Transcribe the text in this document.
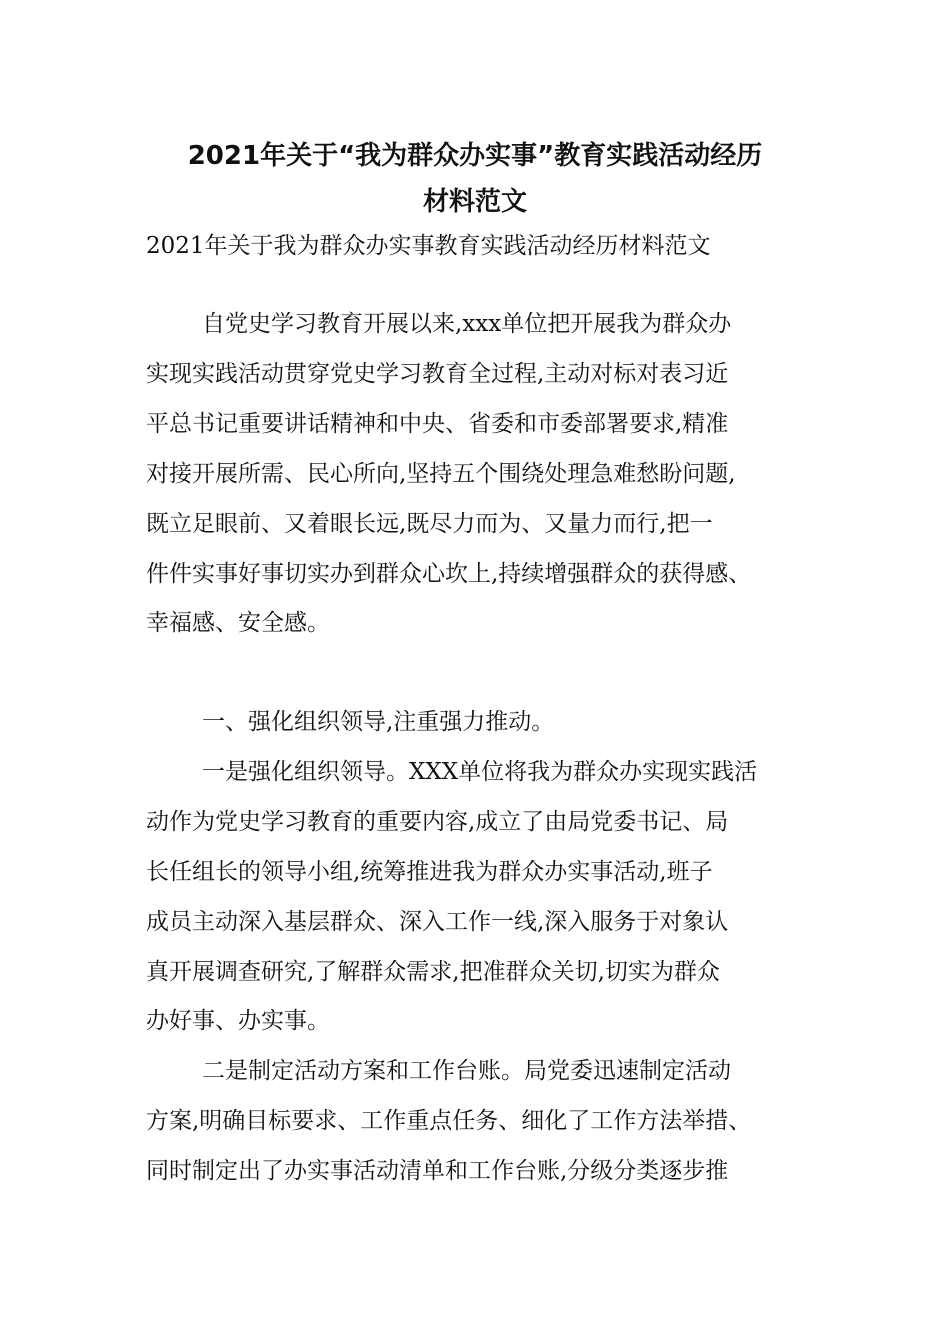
2021年关于“我为群众办实事”教育实践活动经历
材料范文

2021年关于我为群众办实事教育实践活动经历材料范文

自党史学习教育开展以来,xxx单位把开展我为群众办

实现实践活动贯穿党史学习教育全过程,主动对标对表习近

平总书记重要讲话精神和中央、省委和市委部署要求,精准

对接开展所需、民心所向,坚持五个围绕处理急难愁盼问题,

既立足眼前、又着眼长远,既尽力而为、又量力而行,把一

件件实事好事切实办到群众心坎上,持续增强群众的获得感、

幸福感、安全感。

一、强化组织领导,注重强力推动。

一是强化组织领导。XXX单位将我为群众办实现实践活

动作为党史学习教育的重要内容,成立了由局党委书记、局

长任组长的领导小组,统筹推进我为群众办实事活动,班子

成员主动深入基层群众、深入工作一线,深入服务于对象认

真开展调查研究,了解群众需求,把准群众关切,切实为群众

办好事、办实事。

二是制定活动方案和工作台账。局党委迅速制定活动

方案,明确目标要求、工作重点任务、细化了工作方法举措、

同时制定出了办实事活动清单和工作台账,分级分类逐步推
